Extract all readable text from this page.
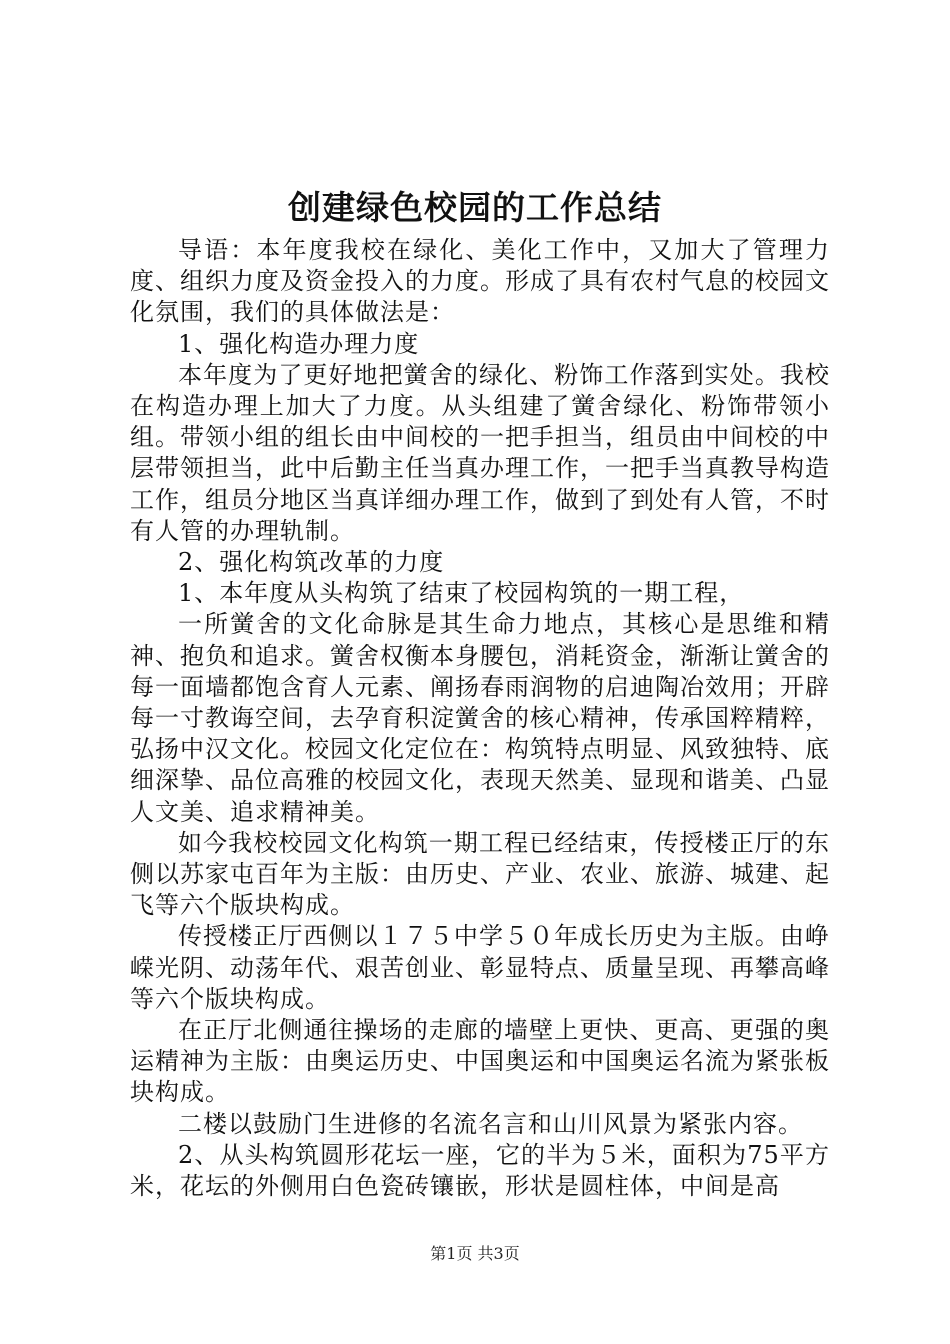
创建绿色校园的工作总结

导语：本年度我校在绿化、美化工作中，又加大了管理力度、组织力度及资金投入的力度。形成了具有农村气息的校园文化氛围，我们的具体做法是：

1、强化构造办理力度

本年度为了更好地把黉舍的绿化、粉饰工作落到实处。我校在构造办理上加大了力度。从头组建了黉舍绿化、粉饰带领小组。带领小组的组长由中间校的一把手担当，组员由中间校的中层带领担当，此中后勤主任当真办理工作，一把手当真教导构造工作，组员分地区当真详细办理工作，做到了到处有人管，不时有人管的办理轨制。

2、强化构筑改革的力度

1、本年度从头构筑了结束了校园构筑的一期工程，

一所黉舍的文化命脉是其生命力地点，其核心是思维和精神、抱负和追求。黉舍权衡本身腰包，消耗资金，渐渐让黉舍的每一面墙都饱含育人元素、阐扬春雨润物的启迪陶冶效用；开辟每一寸教诲空间，去孕育积淀黉舍的核心精神，传承国粹精粹，弘扬中汉文化。校园文化定位在：构筑特点明显、风致独特、底细深挚、品位高雅的校园文化，表现天然美、显现和谐美、凸显人文美、追求精神美。

如今我校校园文化构筑一期工程已经结束，传授楼正厅的东侧以苏家屯百年为主版：由历史、产业、农业、旅游、城建、起飞等六个版块构成。

传授楼正厅西侧以１７５中学５０年成长历史为主版。由峥嵘光阴、动荡年代、艰苦创业、彰显特点、质量呈现、再攀高峰等六个版块构成。

在正厅北侧通往操场的走廊的墙壁上更快、更高、更强的奥运精神为主版：由奥运历史、中国奥运和中国奥运名流为紧张板块构成。

二楼以鼓励门生进修的名流名言和山川风景为紧张内容。

2、从头构筑圆形花坛一座，它的半为５米，面积为75平方米，花坛的外侧用白色瓷砖镶嵌，形状是圆柱体，中间是高

第1页 共3页
